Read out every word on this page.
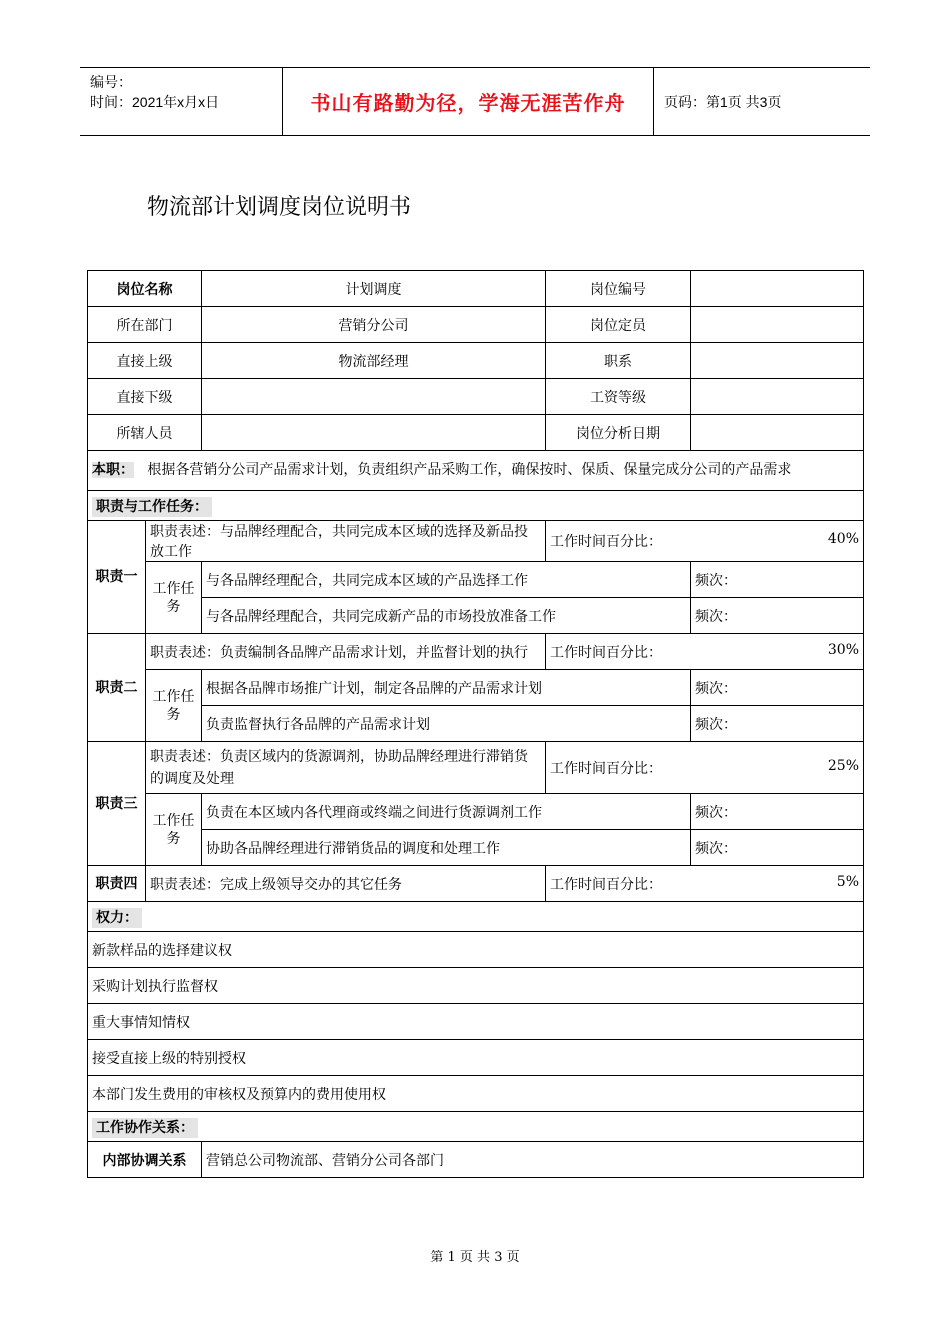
编号：
时间：2021年x月x日	书山有路勤为径，学海无涯苦作舟	页码：第1页 共3页
物流部计划调度岗位说明书
岗位名称		计划调度	岗位编号	
所在部门		营销分公司	岗位定员	
直接上级		物流部经理	职系	
直接下级			工资等级	
所辖人员			岗位分析日期	
本职： 根据各营销分公司产品需求计划，负责组织产品采购工作，确保按时、保质、保量完成分公司的产品需求				
职责与工作任务：				
职责一	职责表述：与品牌经理配合，共同完成本区域的选择及新品投放工作		工作时间百分比： 40%	

	工作任务	与各品牌经理配合，共同完成本区域的产品选择工作		频次：
		与各品牌经理配合，共同完成新产品的市场投放准备工作		频次：
职责二	职责表述：负责编制各品牌产品需求计划，并监督计划的执行		工作时间百分比： 30%	

	工作任务	根据各品牌市场推广计划，制定各品牌的产品需求计划		频次：
		负责监督执行各品牌的产品需求计划		频次：
职责三	职责表述：负责区域内的货源调剂，协助品牌经理进行滞销货的调度及处理		工作时间百分比： 25%	

	工作任务	负责在本区域内各代理商或终端之间进行货源调剂工作		频次：
		协助各品牌经理进行滞销货品的调度和处理工作		频次：
职责四	职责表述：完成上级领导交办的其它任务		工作时间百分比： 5%	

权力：				
新款样品的选择建议权				
采购计划执行监督权				
重大事情知情权				
接受直接上级的特别授权				
本部门发生费用的审核权及预算内的费用使用权				
工作协作关系：				
内部协调关系		营销总公司物流部、营销分公司各部门		
第 1 页 共 3 页
